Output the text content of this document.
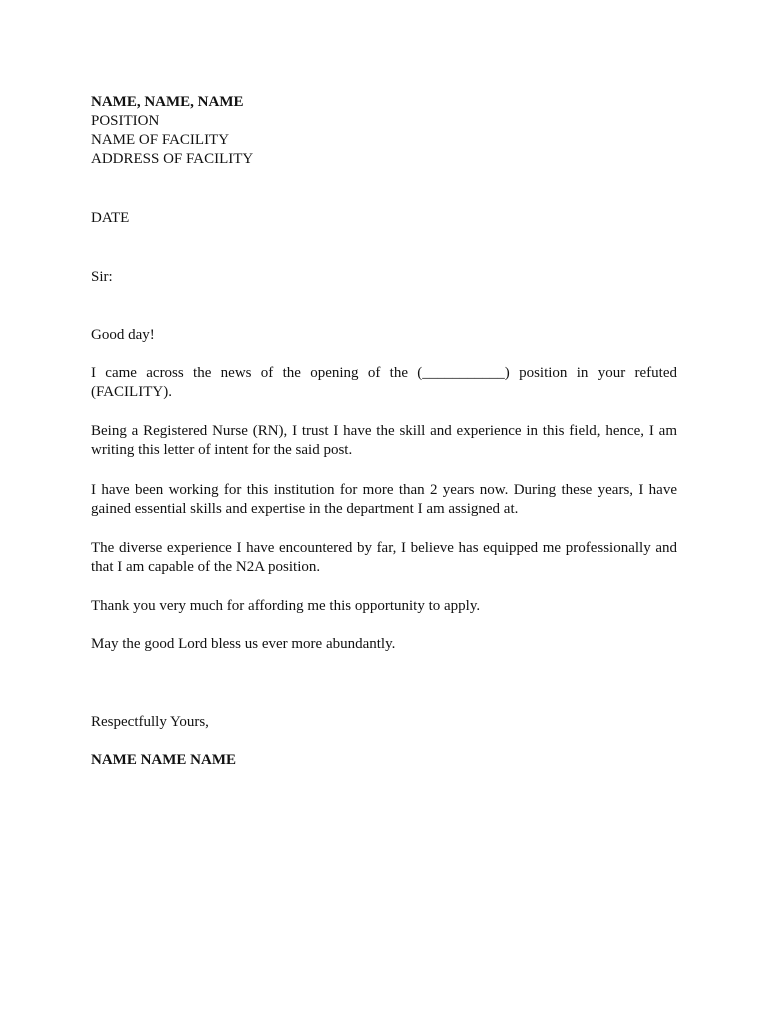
NAME, NAME, NAME
POSITION
NAME OF FACILITY
ADDRESS OF FACILITY
DATE
Sir:
Good day!
I came across the news of the opening of the (___________) position in your refuted (FACILITY).
Being a Registered Nurse (RN), I trust I have the skill and experience in this field, hence, I am writing this letter of intent for the said post.
I have been working for this institution for more than 2 years now. During these years, I have gained essential skills and expertise in the department I am assigned at.
The diverse experience I have encountered by far, I believe has equipped me professionally and that I am capable of the N2A position.
Thank you very much for affording me this opportunity to apply.
May the good Lord bless us ever more abundantly.
Respectfully Yours,
NAME NAME NAME
